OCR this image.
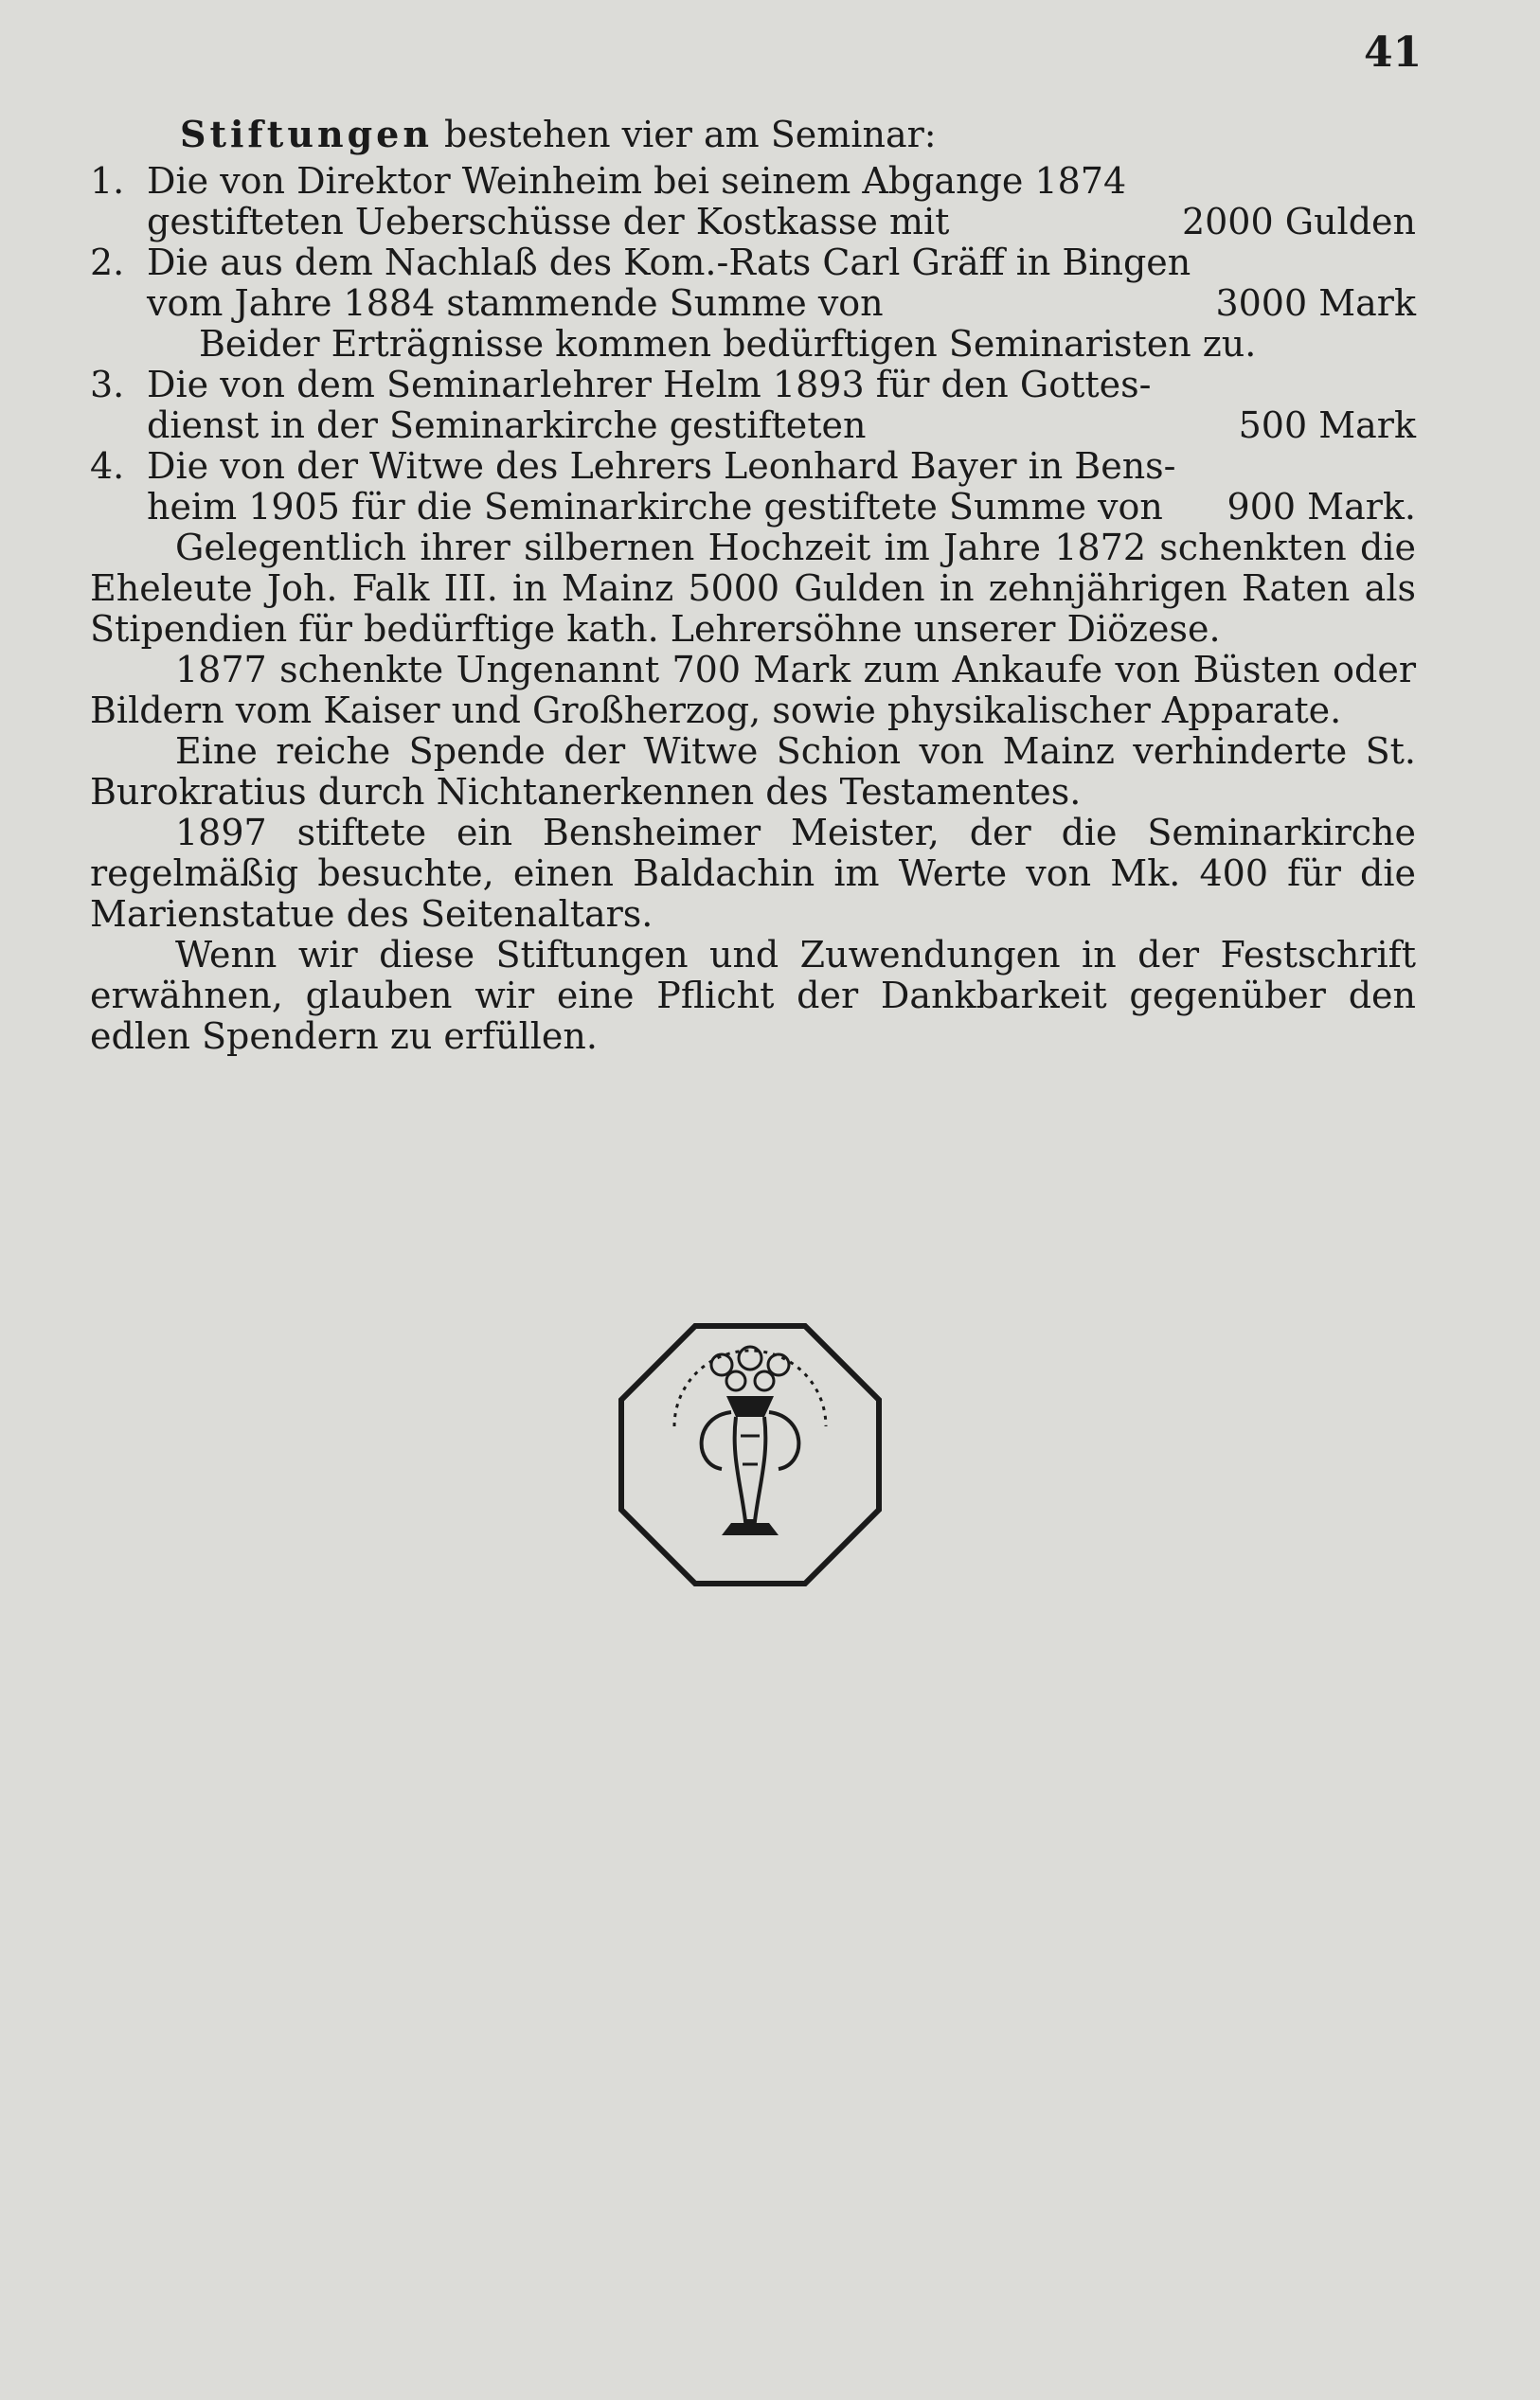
41
Stiftungen bestehen vier am Seminar:
1. Die von Direktor Weinheim bei seinem Abgange 1874
gestifteten Ueberschüsse der Kostkasse mit	2000 Gulden
2. Die aus dem Nachlaß des Kom.-Rats Carl Gräff in Bingen
vom Jahre 1884 stammende Summe von	3000 Mark
Beider Erträgnisse kommen bedürftigen Seminaristen zu.
3. Die von dem Seminarlehrer Helm 1893 für den Gottes-
dienst in der Seminarkirche gestifteten	500 Mark
4. Die von der Witwe des Lehrers Leonhard Bayer in Bens-
heim 1905 für die Seminarkirche gestiftete Summe von 900 Mark.

Gelegentlich ihrer silbernen Hochzeit im Jahre 1872 schenkten die Eheleute Joh. Falk III. in Mainz 5000 Gulden in zehnjährigen Raten als Stipendien für bedürftige kath. Lehrersöhne unserer Diözese.

1877 schenkte Ungenannt 700 Mark zum Ankaufe von Büsten oder Bildern vom Kaiser und Großherzog, sowie physikalischer Apparate.

Eine reiche Spende der Witwe Schion von Mainz verhinderte St. Burokratius durch Nichtanerkennen des Testamentes.

1897 stiftete ein Bensheimer Meister, der die Seminarkirche regelmäßig besuchte, einen Baldachin im Werte von Mk. 400 für die Marienstatue des Seitenaltars.

Wenn wir diese Stiftungen und Zuwendungen in der Festschrift erwähnen, glauben wir eine Pflicht der Dankbarkeit gegenüber den edlen Spendern zu erfüllen.
